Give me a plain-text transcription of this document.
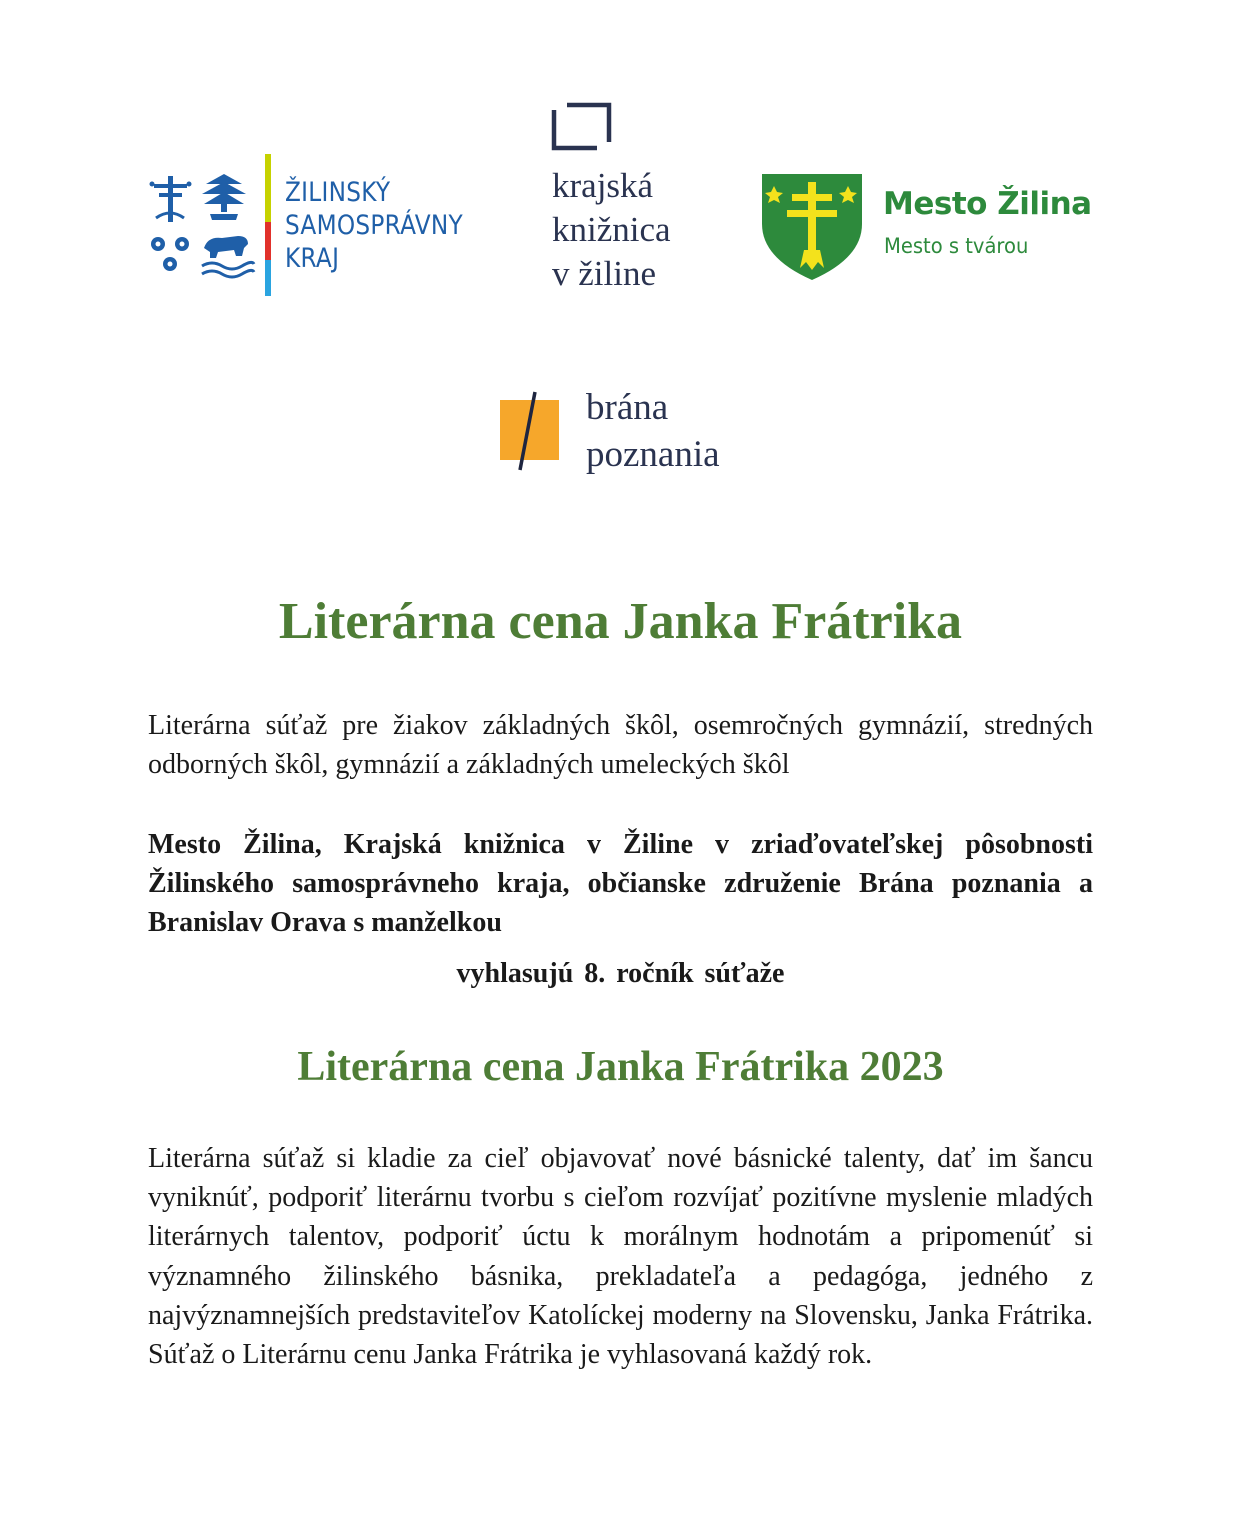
ŽILINSKÝ
SAMOSPRÁVNY
KRAJ
krajská
knižnica
v žiline
Mesto Žilina
Mesto s tvárou
brána
poznania
Literárna cena Janka Frátrika
Literárna súťaž pre žiakov základných škôl, osemročných gymnázií, stredných odborných škôl, gymnázií a základných umeleckých škôl
Mesto Žilina, Krajská knižnica v Žiline v zriaďovateľskej pôsobnosti Žilinského samosprávneho kraja, občianske združenie Brána poznania a Branislav Orava s manželkou
vyhlasujú 8. ročník súťaže
Literárna cena Janka Frátrika 2023
Literárna súťaž si kladie za cieľ objavovať nové básnické talenty, dať im šancu vyniknúť, podporiť literárnu tvorbu s cieľom rozvíjať pozitívne myslenie mladých literárnych talentov, podporiť úctu k morálnym hodnotám a pripomenúť si významného žilinského básnika, prekladateľa a pedagóga, jedného z najvýznamnejších predstaviteľov Katolíckej moderny na Slovensku, Janka Frátrika. Súťaž o Literárnu cenu Janka Frátrika je vyhlasovaná každý rok.
